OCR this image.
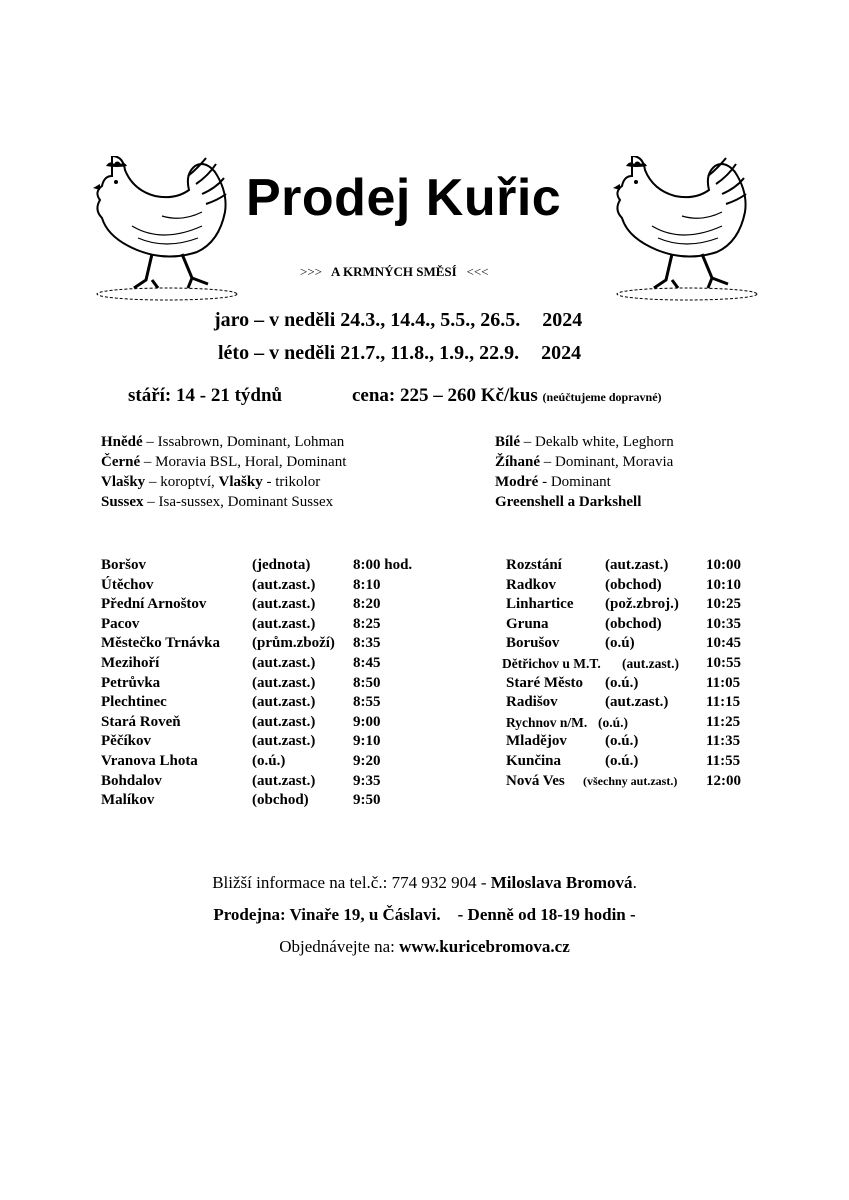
Prodej Kuřic
>>> A KRMNÝCH SMĚSÍ <<<
jaro – v neděli 24.3., 14.4., 5.5., 26.5. 2024
léto – v neděli 21.7., 11.8., 1.9., 22.9. 2024
stáří: 14 - 21 týdnů	cena: 225 – 260 Kč/kus (neúčtujeme dopravné)
Hnědé – Issabrown, Dominant, Lohman
Černé – Moravia BSL, Horal, Dominant
Vlašky – koroptví, Vlašky - trikolor
Sussex – Isa-sussex, Dominant Sussex
Bílé – Dekalb white, Leghorn
Žíhané – Dominant, Moravia
Modré - Dominant
Greenshell a Darkshell
Boršov	(jednota)	8:00 hod.
Útěchov	(aut.zast.)	8:10
Přední Arnoštov	(aut.zast.)	8:20
Pacov	(aut.zast.)	8:25
Městečko Trnávka (prům.zboží) 8:35
Mezihoří	(aut.zast.)	8:45
Petrůvka	(aut.zast.)	8:50
Plechtinec	(aut.zast.)	8:55
Stará Roveň	(aut.zast.)	9:00
Pěčíkov	(aut.zast.)	9:10
Vranova Lhota	(o.ú.)	9:20
Bohdalov	(aut.zast.)	9:35
Malíkov	(obchod)	9:50
Rozstání	(aut.zast.)	10:00
Radkov	(obchod)	10:10
Linhartice (pož.zbroj.) 10:25
Gruna	(obchod)	10:35
Borušov	(o.ú)	10:45
Dětřichov u M.T. (aut.zast.) 10:55
Staré Město (o.ú.)	11:05
Radišov	(aut.zast.)	11:15
Rychnov n/M. (o.ú.)	11:25
Mladějov	(o.ú.)	11:35
Kunčina	(o.ú.)	11:55
Nová Ves (všechny aut.zast.) 12:00
Bližší informace na tel.č.: 774 932 904 - Miloslava Bromová.
Prodejna: Vinaře 19, u Čáslavi. - Denně od 18-19 hodin -
Objednávejte na: www.kuricebromova.cz
